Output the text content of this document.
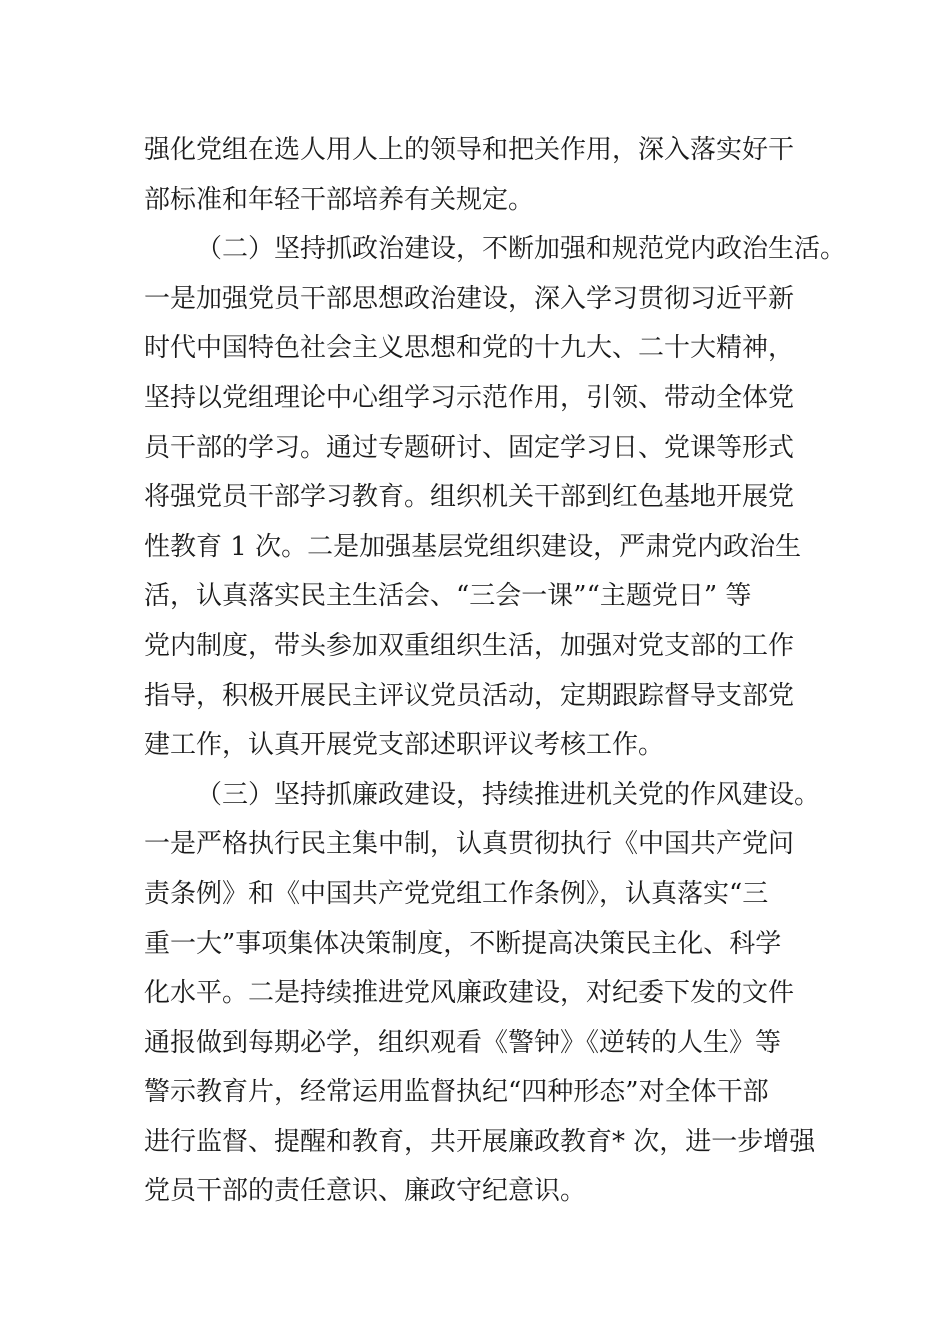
强化党组在选人用人上的领导和把关作用，深入落实好干
部标准和年轻干部培养有关规定。
（二）坚持抓政治建设，不断加强和规范党内政治生活。
一是加强党员干部思想政治建设，深入学习贯彻习近平新
时代中国特色社会主义思想和党的十九大、二十大精神，
坚持以党组理论中心组学习示范作用，引领、带动全体党
员干部的学习。通过专题研讨、固定学习日、党课等形式
将强党员干部学习教育。组织机关干部到红色基地开展党
性教育 1 次。二是加强基层党组织建设，严肃党内政治生
活，认真落实民主生活会、“三会一课”“主题党日” 等
党内制度，带头参加双重组织生活，加强对党支部的工作
指导，积极开展民主评议党员活动，定期跟踪督导支部党
建工作，认真开展党支部述职评议考核工作。
（三）坚持抓廉政建设，持续推进机关党的作风建设。
一是严格执行民主集中制，认真贯彻执行《中国共产党问
责条例》和《中国共产党党组工作条例》，认真落实“三
重一大”事项集体决策制度，不断提高决策民主化、科学
化水平。二是持续推进党风廉政建设，对纪委下发的文件
通报做到每期必学，组织观看《警钟》《逆转的人生》等
警示教育片，经常运用监督执纪“四种形态”对全体干部
进行监督、提醒和教育，共开展廉政教育* 次，进一步增强
党员干部的责任意识、廉政守纪意识。
